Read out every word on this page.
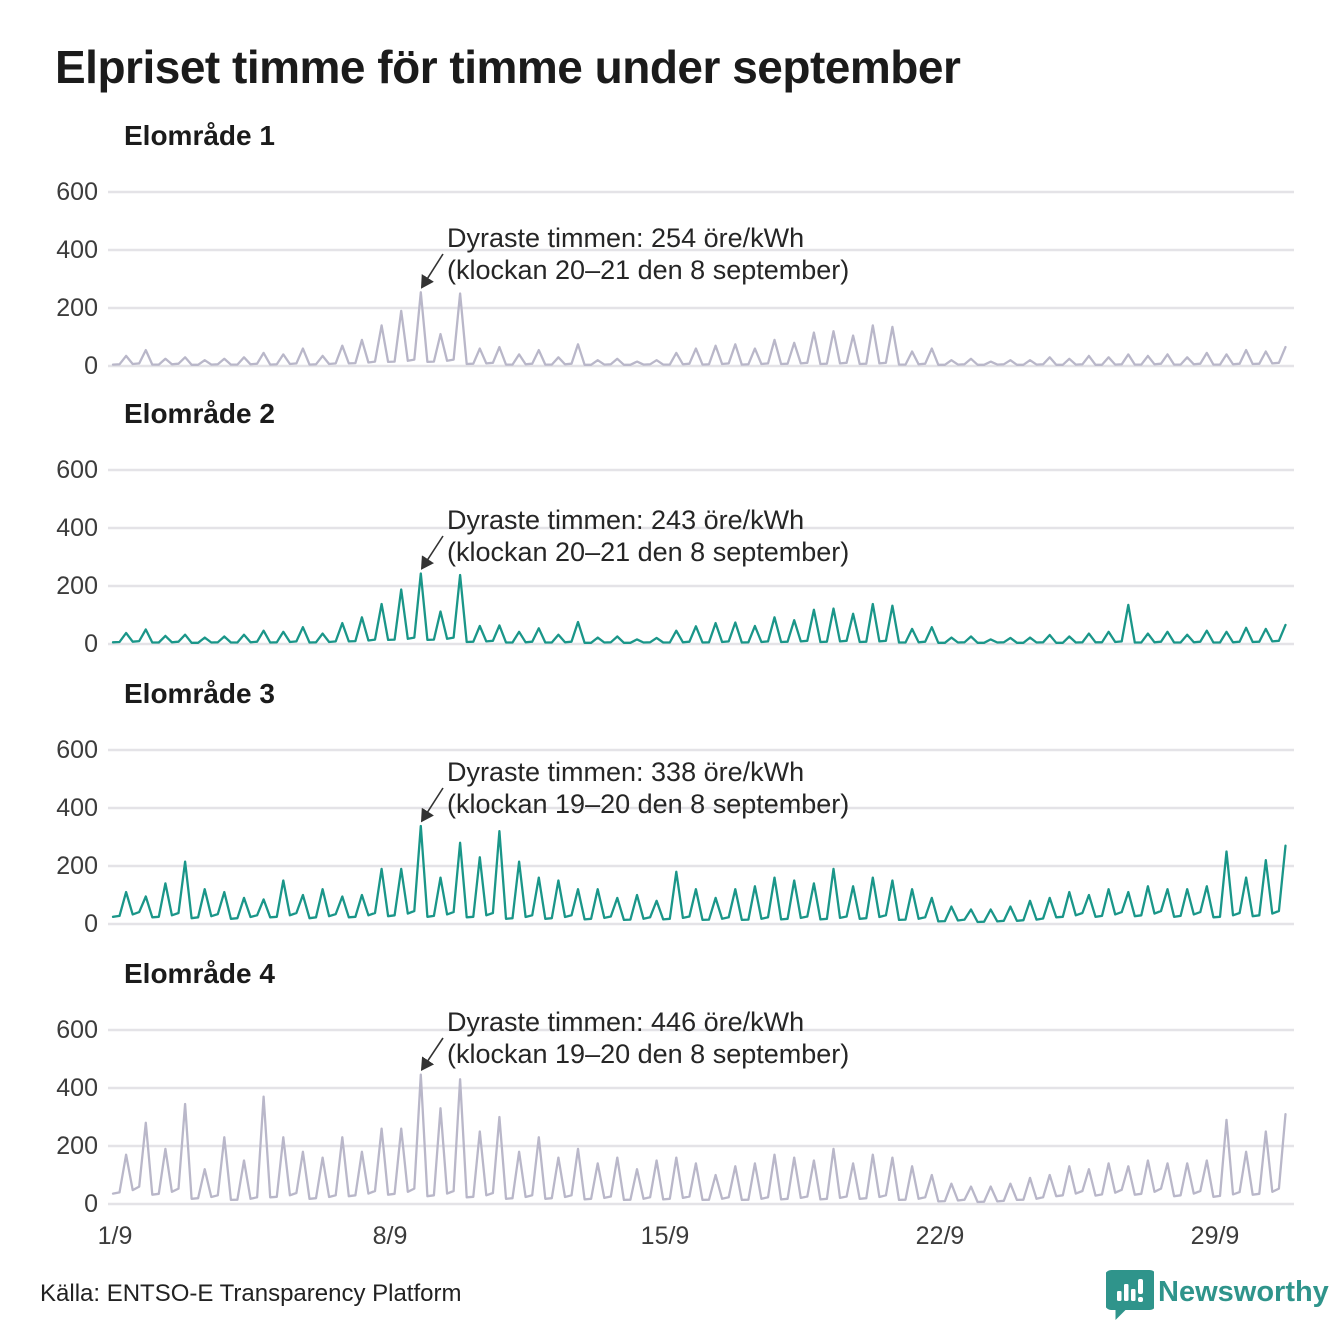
Elpriset timme för timme under september
Elområde 1
Elområde 2
Elområde 3
Elområde 4
600
400
200
0
600
400
200
0
600
400
200
0
600
400
200
0
Dyraste timmen: 254 öre/kWh
(klockan 20–21 den 8 september)
Dyraste timmen: 243 öre/kWh
(klockan 20–21 den 8 september)
Dyraste timmen: 338 öre/kWh
(klockan 19–20 den 8 september)
Dyraste timmen: 446 öre/kWh
(klockan 19–20 den 8 september)
1/9	8/9	15/9	22/9	29/9
Källa: ENTSO-E Transparency Platform	Newsworthy
